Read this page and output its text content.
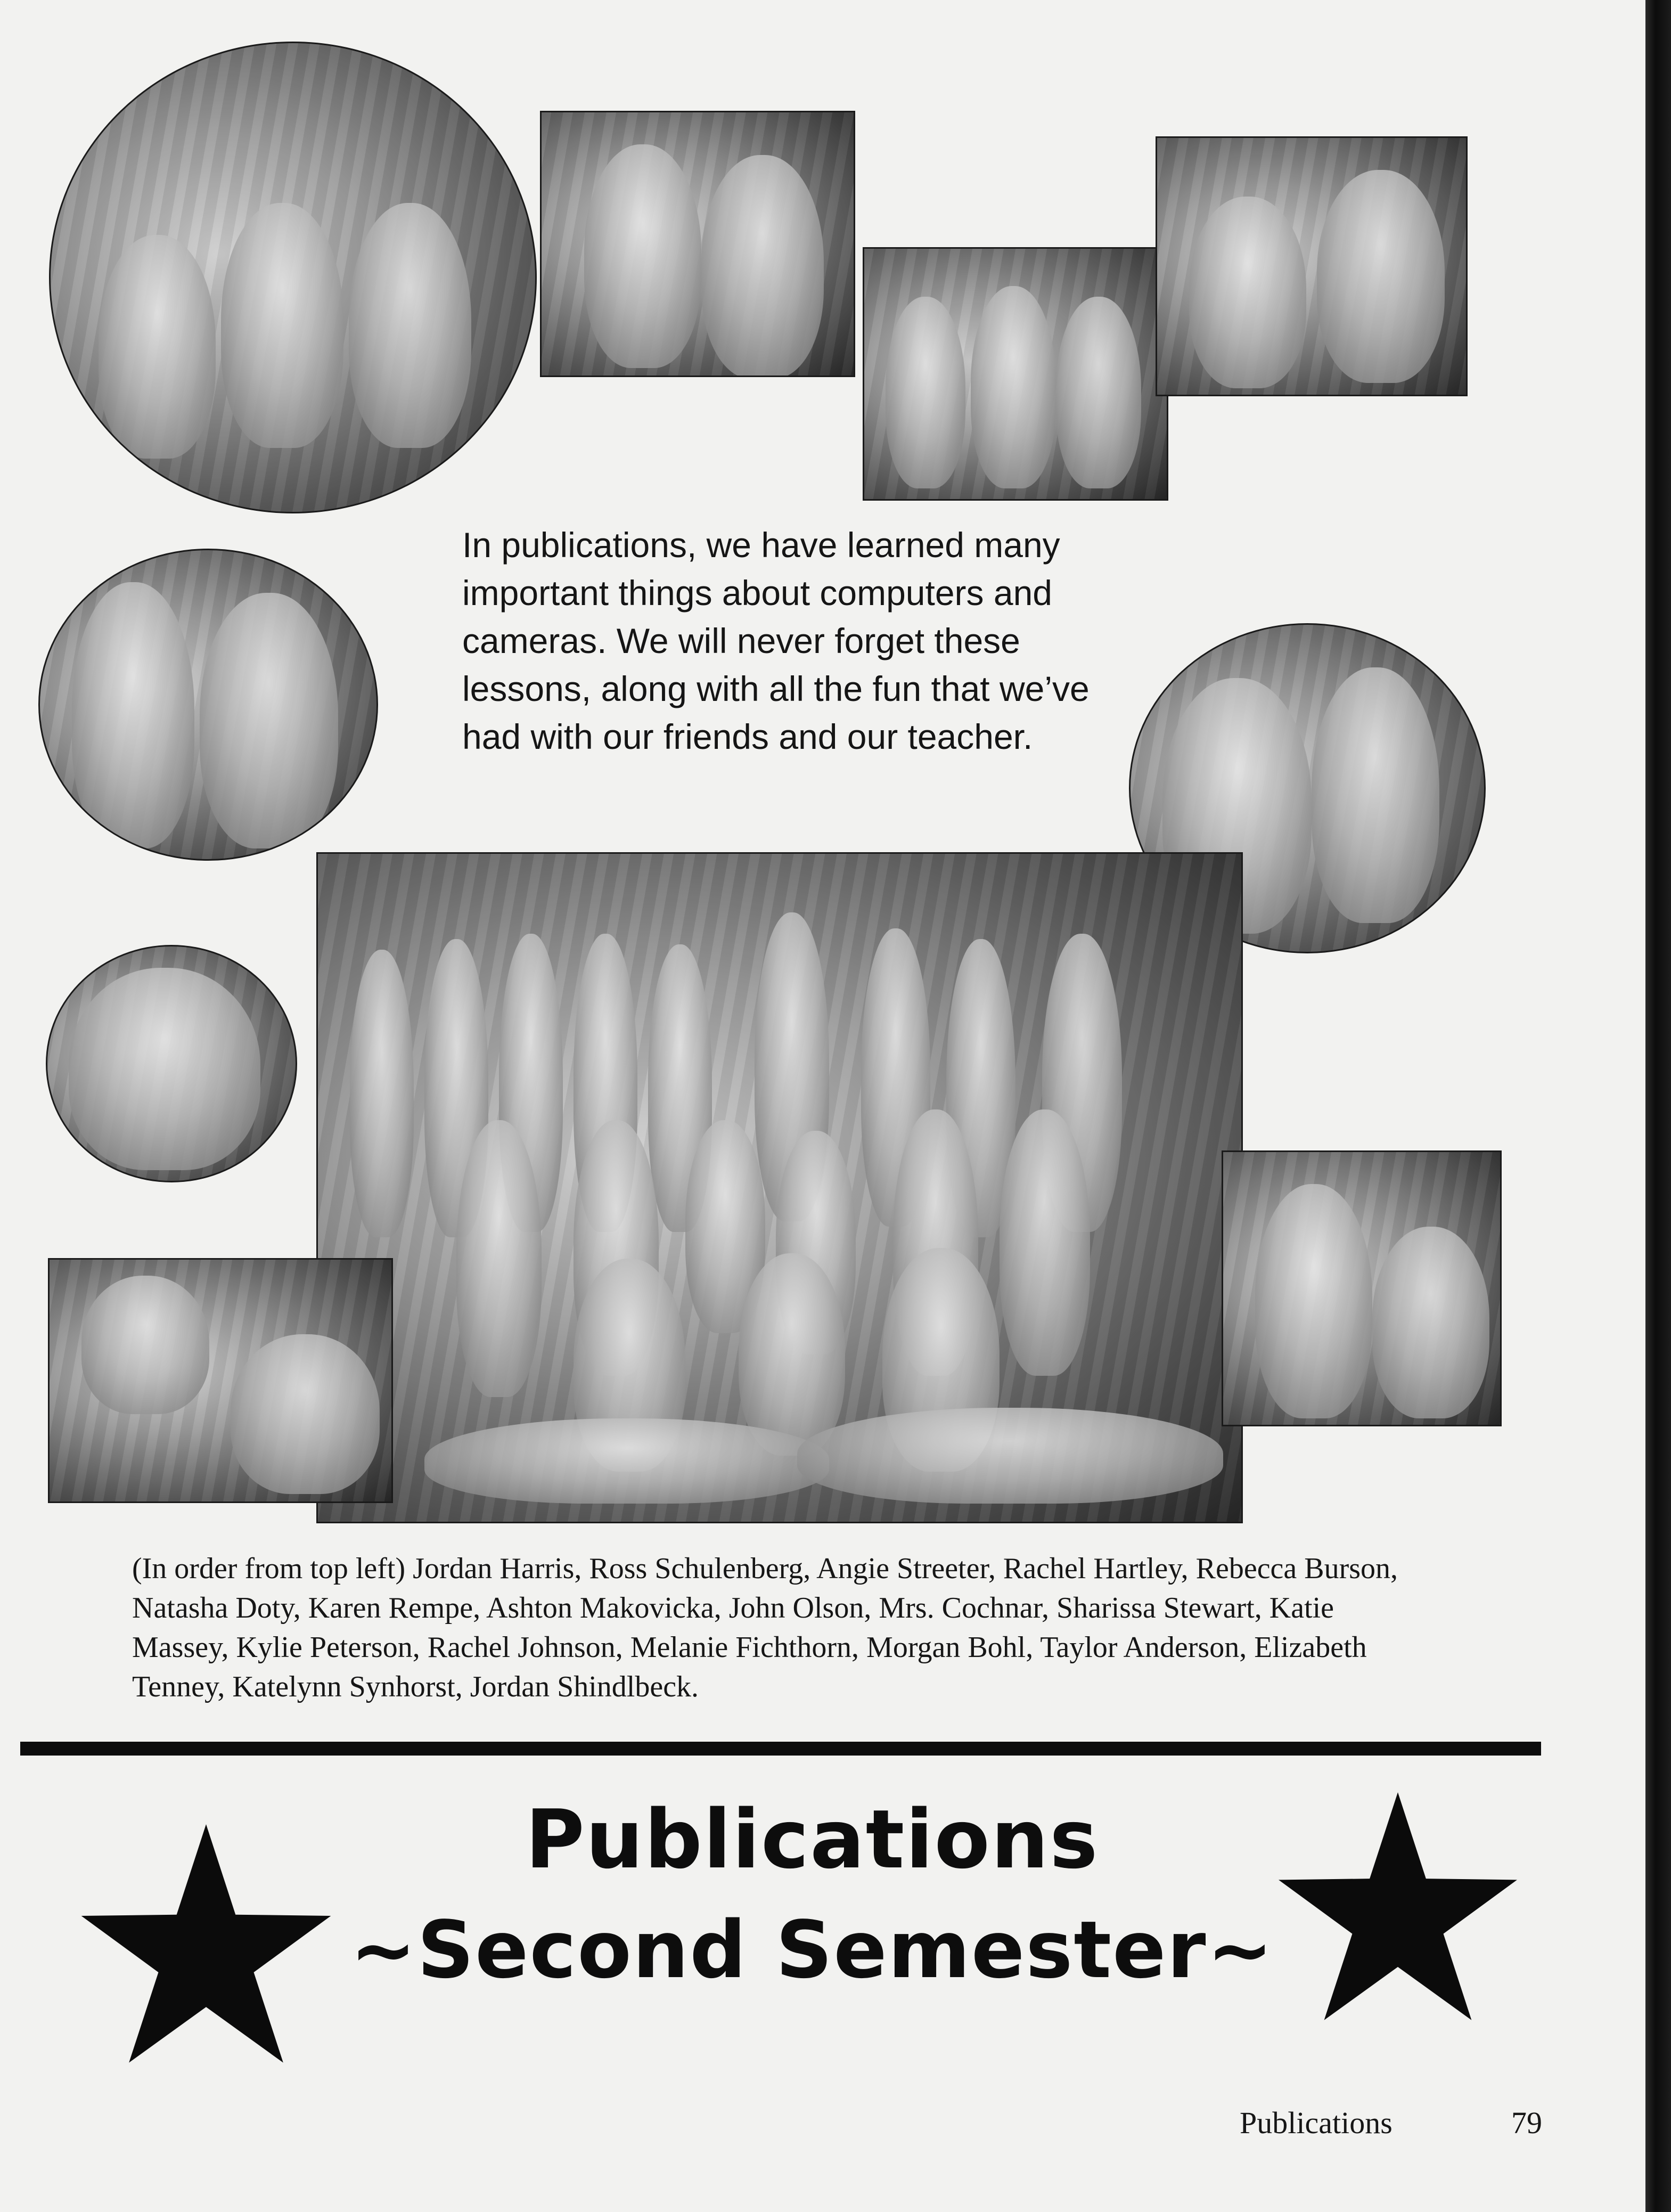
In publications, we have learned many important things about computers and cameras. We will never forget these lessons, along with all the fun that we’ve had with our friends and our teacher.
(In order from top left) Jordan Harris, Ross Schulenberg, Angie Streeter, Rachel Hartley, Rebecca Burson, Natasha Doty, Karen Rempe, Ashton Makovicka, John Olson, Mrs. Cochnar, Sharissa Stewart, Katie Massey, Kylie Peterson, Rachel Johnson, Melanie Fichthorn, Morgan Bohl, Taylor Anderson, Elizabeth Tenney, Katelynn Synhorst, Jordan Shindlbeck.
Publications
~Second Semester~
Publications	79
